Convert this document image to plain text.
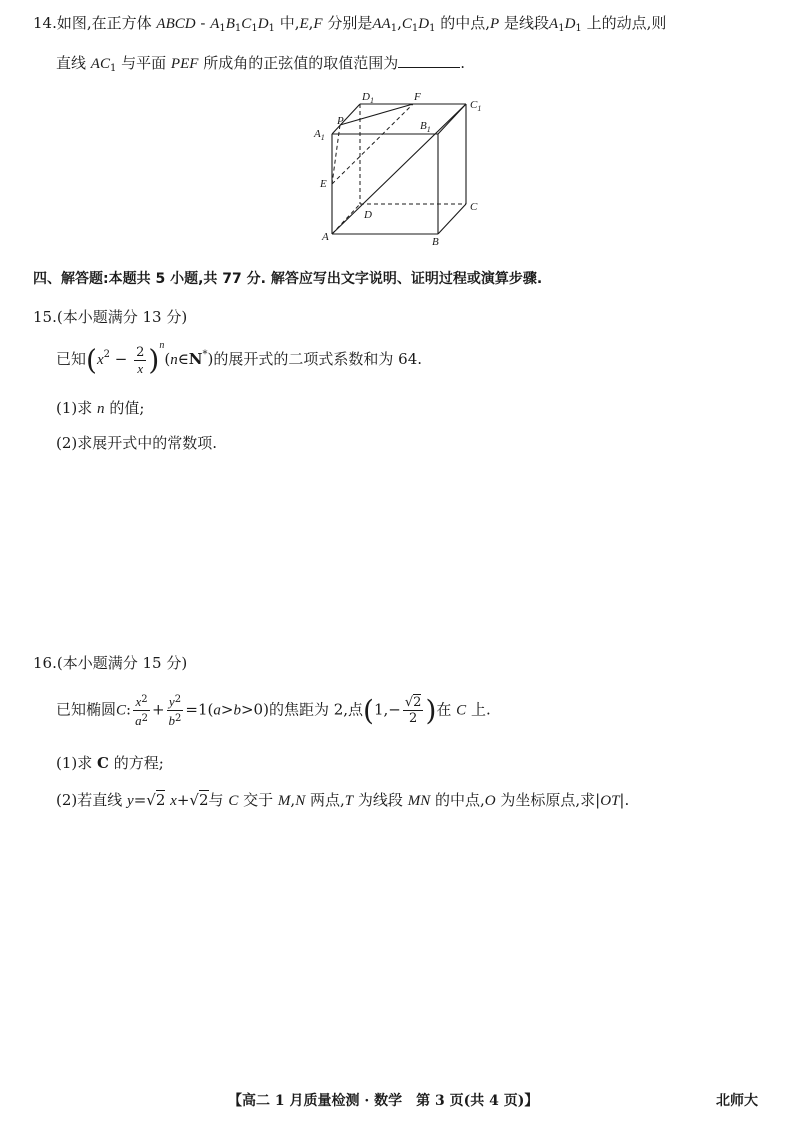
14.如图,在正方体 ABCD - $A_1B_1C_1D_1$ 中,E,F 分别是$AA_1,C_1D_1$ 的中点,P 是线段$A_1D_1$ 上的动点,则
直线 $AC_1$ 与平面 PEF 所成角的正弦值的取值范围为	.
$A_1$
P
$D_1$	F
$C_1$
$B_1$
E
D
C
A	B
四、解答题:本题共 5 小题,共 77 分. 解答应写出文字说明、证明过程或演算步骤.
15.(本小题满分 13 分)
已知($x^2 - \frac{2}{x}$ )$^n(n\in N^*)$的展开式的二项式系数和为 64.
(1)求 n 的值;
(2)求展开式中的常数项.
16.(本小题满分 15 分)
已知椭圆C: $\frac{x^2}{a^2} + \frac{y^2}{b^2} =1(a>b>0)$的焦距为 2,点($1,- \frac{√2}{2}$ )在 C 上.
(1)求 C 的方程;
(2)若直线 y=√2 x+√2与 C 交于 M,N 两点,T 为线段 MN 的中点,O 为坐标原点,求|OT|.
【高二 1 月质量检测 · 数学　第 3 页(共 4 页)】	北师大
